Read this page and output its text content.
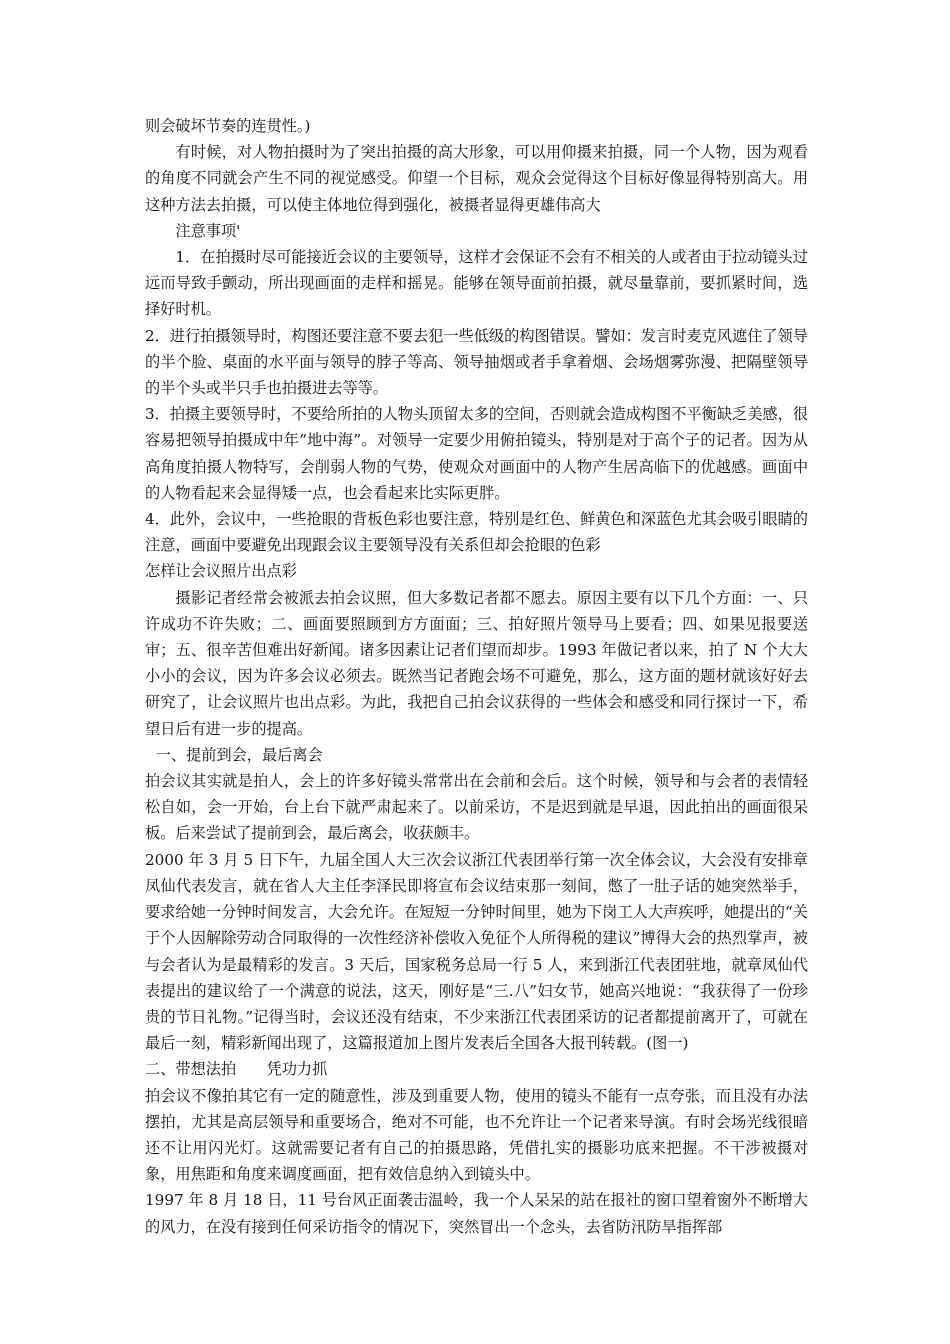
则会破坏节奏的连贯性。)

有时候，对人物拍摄时为了突出拍摄的高大形象，可以用仰摄来拍摄，同一个人物，因为观看的角度不同就会产生不同的视觉感受。仰望一个目标，观众会觉得这个目标好像显得特别高大。用这种方法去拍摄，可以使主体地位得到强化，被摄者显得更雄伟高大

注意事项'

1．在拍摄时尽可能接近会议的主要领导，这样才会保证不会有不相关的人或者由于拉动镜头过远而导致手颤动，所出现画面的走样和摇晃。能够在领导面前拍摄，就尽量靠前，要抓紧时间，选择好时机。

2．进行拍摄领导时，构图还要注意不要去犯一些低级的构图错误。譬如：发言时麦克风遮住了领导的半个脸、桌面的水平面与领导的脖子等高、领导抽烟或者手拿着烟、会场烟雾弥漫、把隔壁领导的半个头或半只手也拍摄进去等等。

3．拍摄主要领导时，不要给所拍的人物头顶留太多的空间，否则就会造成构图不平衡缺乏美感，很容易把领导拍摄成中年“地中海”。对领导一定要少用俯拍镜头，特别是对于高个子的记者。因为从高角度拍摄人物特写，会削弱人物的气势，使观众对画面中的人物产生居高临下的优越感。画面中的人物看起来会显得矮一点，也会看起来比实际更胖。

4．此外，会议中，一些抢眼的背板色彩也要注意，特别是红色、鲜黄色和深蓝色尤其会吸引眼睛的注意，画面中要避免出现跟会议主要领导没有关系但却会抢眼的色彩

怎样让会议照片出点彩

摄影记者经常会被派去拍会议照，但大多数记者都不愿去。原因主要有以下几个方面：一、只许成功不许失败；二、画面要照顾到方方面面；三、拍好照片领导马上要看；四、如果见报要送审；五、很辛苦但难出好新闻。诸多因素让记者们望而却步。1993 年做记者以来，拍了 N 个大大小小的会议，因为许多会议必须去。既然当记者跑会场不可避免，那么，这方面的题材就该好好去研究了，让会议照片也出点彩。为此，我把自己拍会议获得的一些体会和感受和同行探讨一下，希望日后有进一步的提高。

一、提前到会，最后离会

拍会议其实就是拍人，会上的许多好镜头常常出在会前和会后。这个时候，领导和与会者的表情轻松自如，会一开始，台上台下就严肃起来了。以前采访，不是迟到就是早退，因此拍出的画面很呆板。后来尝试了提前到会，最后离会，收获颇丰。

2000 年 3 月 5 日下午，九届全国人大三次会议浙江代表团举行第一次全体会议，大会没有安排章凤仙代表发言，就在省人大主任李泽民即将宣布会议结束那一刻间，憋了一肚子话的她突然举手，要求给她一分钟时间发言，大会允许。在短短一分钟时间里，她为下岗工人大声疾呼，她提出的“关于个人因解除劳动合同取得的一次性经济补偿收入免征个人所得税的建议”博得大会的热烈掌声，被与会者认为是最精彩的发言。3 天后，国家税务总局一行 5 人，来到浙江代表团驻地，就章凤仙代表提出的建议给了一个满意的说法，这天，刚好是“三.八”妇女节，她高兴地说：“我获得了一份珍贵的节日礼物。”记得当时，会议还没有结束，不少来浙江代表团采访的记者都提前离开了，可就在最后一刻，精彩新闻出现了，这篇报道加上图片发表后全国各大报刊转载。(图一)

二、带想法拍　　凭功力抓

拍会议不像拍其它有一定的随意性，涉及到重要人物，使用的镜头不能有一点夸张，而且没有办法摆拍，尤其是高层领导和重要场合，绝对不可能，也不允许让一个记者来导演。有时会场光线很暗还不让用闪光灯。这就需要记者有自己的拍摄思路，凭借扎实的摄影功底来把握。不干涉被摄对象，用焦距和角度来调度画面，把有效信息纳入到镜头中。

1997 年 8 月 18 日，11 号台风正面袭击温岭，我一个人呆呆的站在报社的窗口望着窗外不断增大的风力，在没有接到任何采访指令的情况下，突然冒出一个念头，去省防汛防旱指挥部
